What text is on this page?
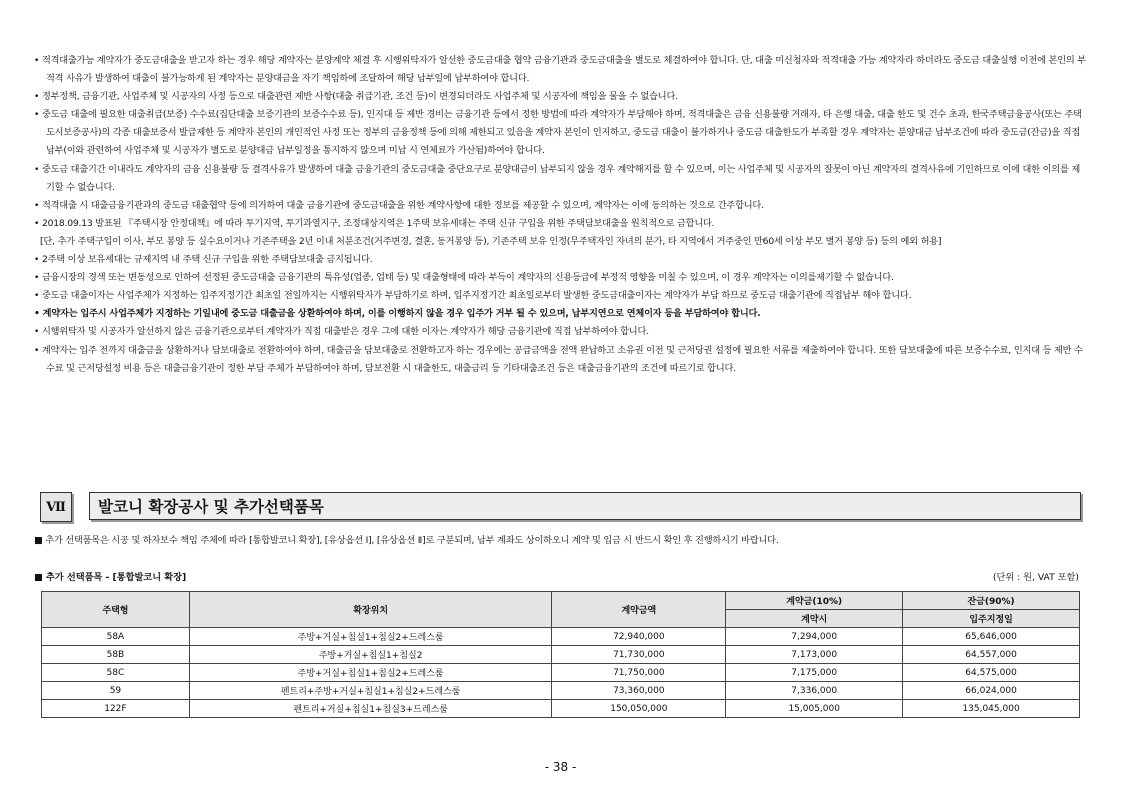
• 적격대출가능 계약자가 중도금대출을 받고자 하는 경우 해당 계약자는 분양계약 체결 후 시행위탁자가 알선한 중도금대출 협약 금융기관과 중도금대출을 별도로 체결하여야 합니다. 단, 대출 미신청자와 적격대출 가능 계약자라 하더라도 중도금 대출실행 이전에 본인의 부적격 사유가 발생하여 대출이 불가능하게 된 계약자는 분양대금을 자기 책임하에 조달하여 해당 납부일에 납부하여야 합니다.

• 정부정책, 금융기관, 사업주체 및 시공자의 사정 등으로 대출관련 제반 사항(대출 취급기관, 조건 등)이 변경되더라도 사업주체 및 시공자에 책임을 물을 수 없습니다.

• 중도금 대출에 필요한 대출취급(보증) 수수료(집단대출 보증기관의 보증수수료 등), 인지대 등 제반 경비는 금융기관 등에서 정한 방법에 따라 계약자가 부담해야 하며, 적격대출은 금융 신용불량 거래자, 타 은행 대출, 대출 한도 및 건수 초과, 한국주택금융공사(또는 주택도시보증공사)의 각종 대출보증서 발급제한 등 계약자 본인의 개인적인 사정 또는 정부의 금융정책 등에 의해 제한되고 있음을 계약자 본인이 인지하고, 중도금 대출이 불가하거나 중도금 대출한도가 부족할 경우 계약자는 분양대금 납부조건에 따라 중도금(잔금)을 직접 납부(이와 관련하여 사업주체 및 시공자가 별도로 분양대금 납부일정을 통지하지 않으며 미납 시 연체료가 가산됨)하여야 합니다.

• 중도금 대출기간 이내라도 계약자의 금융 신용불량 등 결격사유가 발생하여 대출 금융기관의 중도금대출 중단요구로 분양대금이 납부되지 않을 경우 계약해지를 할 수 있으며, 이는 사업주체 및 시공자의 잘못이 아닌 계약자의 결격사유에 기인하므로 이에 대한 이의를 제기할 수 없습니다.

• 적격대출 시 대출금융기관과의 중도금 대출협약 등에 의거하여 대출 금융기관에 중도금대출을 위한 계약사항에 대한 정보를 제공할 수 있으며, 계약자는 이에 동의하는 것으로 간주합니다.

• 2018.09.13 발표된 『주택시장 안정대책』에 따라 투기지역, 투기과열지구, 조정대상지역은 1주택 보유세대는 주택 신규 구입을 위한 주택담보대출을 원칙적으로 금합니다.

[단, 추가 주택구입이 이사, 부모 봉양 등 실수요이거나 기존주택을 2년 이내 처분조건(거주변경, 결혼, 동거봉양 등), 기존주택 보유 인정(무주택자인 자녀의 분가, 타 지역에서 거주중인 만60세 이상 부모 별거 봉양 등) 등의 예외 허용]

• 2주택 이상 보유세대는 규제지역 내 주택 신규 구입을 위한 주택담보대출 금지됩니다.

• 금융시장의 경색 또는 변동성으로 인하여 선정된 중도금대출 금융기관의 특유성(업종, 업태 등) 및 대출형태에 따라 부득이 계약자의 신용등급에 부정적 영향을 미칠 수 있으며, 이 경우 계약자는 이의를제기할 수 없습니다.

• 중도금 대출이자는 사업주체가 지정하는 입주지정기간 최초일 전일까지는 시행위탁자가 부담하기로 하며, 입주지정기간 최초일로부터 발생한 중도금대출이자는 계약자가 부담 하므로 중도금 대출기관에 직접납부 해야 합니다.

• 계약자는 입주시 사업주체가 지정하는 기일내에 중도금 대출금을 상환하여야 하며, 이를 이행하지 않을 경우 입주가 거부 될 수 있으며, 납부지연으로 연체이자 등을 부담하여야 합니다.

• 시행위탁자 및 시공자가 알선하지 않은 금융기관으로부터 계약자가 직접 대출받은 경우 그에 대한 이자는 계약자가 해당 금융기관에 직접 납부하여야 합니다.

• 계약자는 입주 전까지 대출금을 상환하거나 담보대출로 전환하여야 하며, 대출금을 담보대출로 전환하고자 하는 경우에는 공급금액을 전액 완납하고 소유권 이전 및 근저당권 설정에 필요한 서류를 제출하여야 합니다. 또한 담보대출에 따른 보증수수료, 인지대 등 제반 수수료 및 근저당설정 비용 등은 대출금융기관이 정한 부담 주체가 부담하여야 하며, 담보전환 시 대출한도, 대출금리 등 기타대출조건 등은 대출금융기관의 조건에 따르기로 합니다.

Ⅶ	발코니 확장공사 및 추가선택품목
■ 추가 선택품목은 시공 및 하자보수 책임 주체에 따라 [통합발코니 확장], [유상옵션 Ⅰ], [유상옵션 Ⅱ]로 구분되며, 납부 계좌도 상이하오니 계약 및 입금 시 반드시 확인 후 진행하시기 바랍니다.
■ 추가 선택품목 - [통합발코니 확장]	(단위 : 원, VAT 포함)
주택형	확장위치	계약금액	계약금(10%)	잔금(90%)
			계약시	입주지정일
58A	주방+거실+침실1+침실2+드레스룸	72,940,000	7,294,000	65,646,000
58B	주방+거실+침실1+침실2	71,730,000	7,173,000	64,557,000
58C	주방+거실+침실1+침실2+드레스룸	71,750,000	7,175,000	64,575,000
59	펜트리+주방+거실+침실1+침실2+드레스룸	73,360,000	7,336,000	66,024,000
122F	펜트리+거실+침실1+침실3+드레스룸	150,050,000	15,005,000	135,045,000
- 38 -
